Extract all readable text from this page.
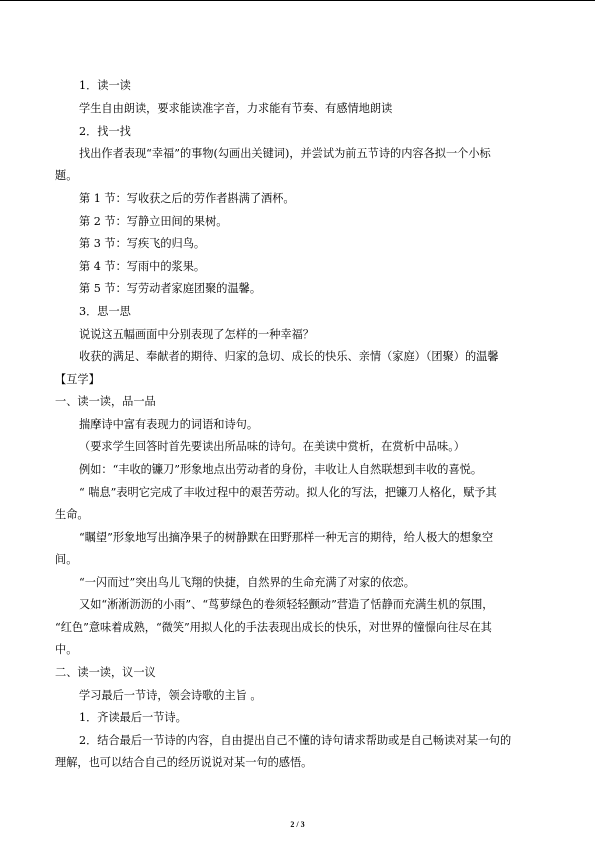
1．读一读
学生自由朗读，要求能读准字音，力求能有节奏、有感情地朗读
2．找一找
找出作者表现“幸福”的事物(勾画出关键词)，并尝试为前五节诗的内容各拟一个小标
题。
第 1 节：写收获之后的劳作者斟满了酒杯。
第 2 节：写静立田间的果树。
第 3 节：写疾飞的归鸟。
第 4 节：写雨中的浆果。
第 5 节：写劳动者家庭团聚的温馨。
3．思一思
说说这五幅画面中分别表现了怎样的一种幸福？
收获的满足、奉献者的期待、归家的急切、成长的快乐、亲情（家庭）（团聚）的温馨
【互学】
一、读一读，品一品
揣摩诗中富有表现力的词语和诗句。
（要求学生回答时首先要读出所品味的诗句。在美读中赏析，在赏析中品味。）
例如：“丰收的镰刀”形象地点出劳动者的身份，丰收让人自然联想到丰收的喜悦。
“ 喘息”表明它完成了丰收过程中的艰苦劳动。拟人化的写法，把镰刀人格化，赋予其
生命。
“瞩望”形象地写出摘净果子的树静默在田野那样一种无言的期待，给人极大的想象空
间。
“一闪而过”突出鸟儿飞翔的快捷，自然界的生命充满了对家的依恋。
又如“淅淅沥沥的小雨”、“茑萝绿色的卷须轻轻颤动”营造了恬静而充满生机的氛围，
“红色”意味着成熟，“微笑”用拟人化的手法表现出成长的快乐，对世界的憧憬向往尽在其
中。
二、读一读，议一议
学习最后一节诗，领会诗歌的主旨 。
1．齐读最后一节诗。
2．结合最后一节诗的内容，自由提出自己不懂的诗句请求帮助或是自己畅读对某一句的
理解，也可以结合自己的经历说说对某一句的感悟。
2 / 3
